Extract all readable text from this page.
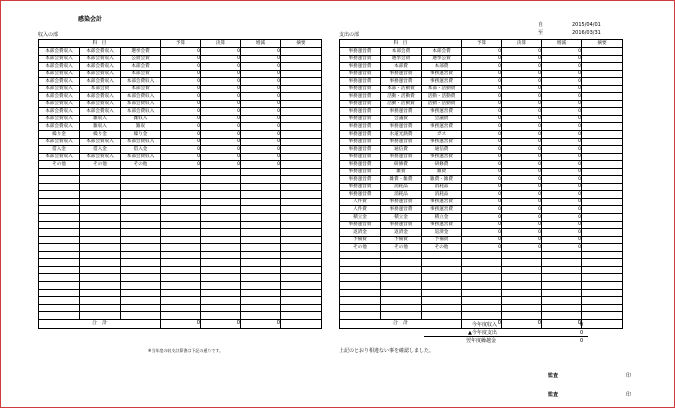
感染会計
自	2015/04/01
至	2016/03/31
収入の部	支出の部
科　目			予算	決算	増減	摘要
本部会費収入	本部会費収入	選挙会費	0	0	0	
本部会費収入	本部会費収入	公費会費	0	0	0	
本部会費収入	本部会費収入	本部会費	0	0	0	
本部会費収入	本部会費収入	本部会費	0	0	0	
本部会費収入	本部会費収入	本部会費収入	0	0	0	
本部会費収入	本部会費	本部会費	0	0	0	
本部会費収入	本部会費収入	本部会費収入	0	0	0	
本部会費収入	本部会費収入	本部会費収入	0	0	0	
本部会費収入	本部会費収入	本部会費収入	0	0	0	
本部会費収入	雑収入	雑収入	0	0	0	
本部会費収入	雑収入	雑収	0	0	0	
繰り金	繰り金	繰り金	0	0	0	
本部会費収入	本部会費収入	本部会費収入	0	0	0	
借入金	借入金	借入金	0	0	0	
本部会費収入	本部会費収入	本部会費収入	0	0	0	
その他	その他	その他	0	0	0	

合　計			0	0	0	
科　目			予算	決算	増減	摘要
事務運営費	本部会費	本部会費	0	0	0	
事務運営費	選挙会費	選挙公費	0	0	0	
事務運営費	本部費	本部費	0	0	0	
事務運営費	事務運営費	事務運営費	0	0	0	
事務運営費	事務運営費	事務運営費	0	0	0	
事務運営費	本部・活動費	本部・活動費	0	0	0	
事務運営費	活動・活動費	活動・活動費	0	0	0	
事務運営費	活動・活動費	活動・活動費	0	0	0	
事務運営費	事務運営費	事務運営費	0	0	0	
事務運営費	会議費	会議費	0	0	0	
事務運営費	事務運営費	事務運営費	0	0	0	
事務運営費	水道光熱費	ガス	0	0	0	
事務運営費	事務運営費	事務運営費	0	0	0	
事務運営費	通信費	通信費	0	0	0	
事務運営費	事務運営費	事務運営費	0	0	0	
事務運営費	研修費	研修費	0	0	0	
事務運営費	雑費	雑費	0	0	0	
事務運営費	雑費・雑費	雑費・雑費	0	0	0	
事務運営費	消耗品	消耗品	0	0	0	
事務運営費	消耗品	消耗品	0	0	0	
人件費	事務運営費	事務運営費	0	0	0	
人件費	事務運営費	事務運営費	0	0	0	
積立金	積立金	積立金	0	0	0	
事務運営費	事務運営費	事務運営費	0	0	0	
返済金	返済金	返済金	0	0	0	
予備費	予備費	予備費	0	0	0	
その他	その他	その他	0	0	0	

合　計			0	0	0	
今年度収入	0
▲今年度支出	0
翌年度繰越金	0
※当年度の収支計算書は下記の通りです。	上記のとおり相違ない事を確認しました。
監査	印
監査	印
